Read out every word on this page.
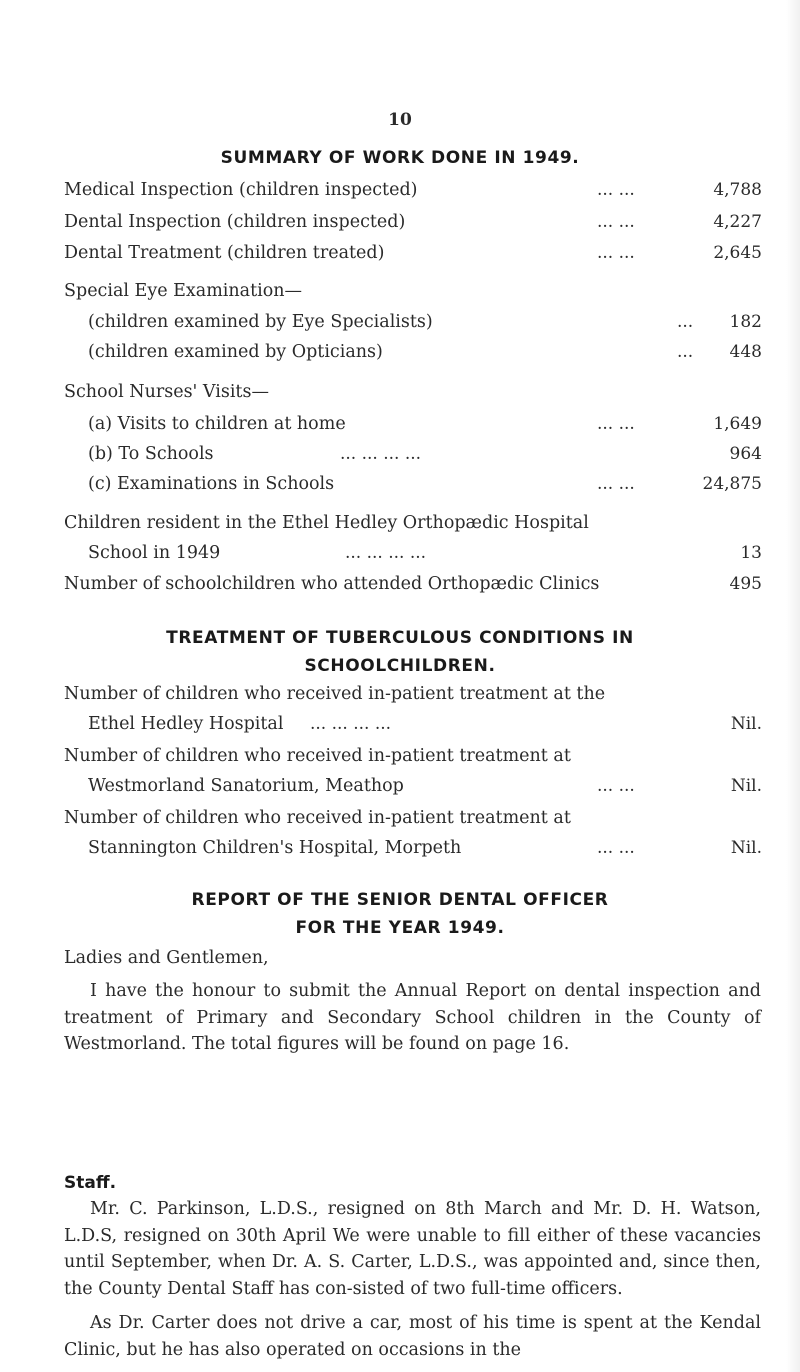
10
SUMMARY OF WORK DONE IN 1949.
Medical Inspection (children inspected)	... ...	4,788
Dental Inspection (children inspected)	... ...	4,227
Dental Treatment (children treated)	... ...	2,645
Special Eye Examination—
(children examined by Eye Specialists)	... 182
(children examined by Opticians)	... 448
School Nurses' Visits—
(a) Visits to children at home	... ...	1,649
(b) To Schools	... ... ... ...	964
(c) Examinations in Schools	... ...	24,875
Children resident in the Ethel Hedley Orthopædic Hospital
School in 1949	... ... ... ...	13
Number of schoolchildren who attended Orthopædic Clinics	495
TREATMENT OF TUBERCULOUS CONDITIONS IN
SCHOOLCHILDREN.
Number of children who received in-patient treatment at the
Ethel Hedley Hospital ... ... ... ...	Nil.
Number of children who received in-patient treatment at
Westmorland Sanatorium, Meathop	... ...	Nil.
Number of children who received in-patient treatment at
Stannington Children's Hospital, Morpeth	... ...	Nil.
REPORT OF THE SENIOR DENTAL OFFICER
FOR THE YEAR 1949.
Ladies and Gentlemen,
I have the honour to submit the Annual Report on dental inspection and treatment of Primary and Secondary School children in the County of Westmorland. The total figures will be found on page 16.
Staff.
Mr. C. Parkinson, L.D.S., resigned on 8th March and Mr. D. H. Watson, L.D.S, resigned on 30th April We were unable to fill either of these vacancies until September, when Dr. A. S. Carter, L.D.S., was appointed and, since then, the County Dental Staff has con-sisted of two full-time officers.
As Dr. Carter does not drive a car, most of his time is spent at the Kendal Clinic, but he has also operated on occasions in the
